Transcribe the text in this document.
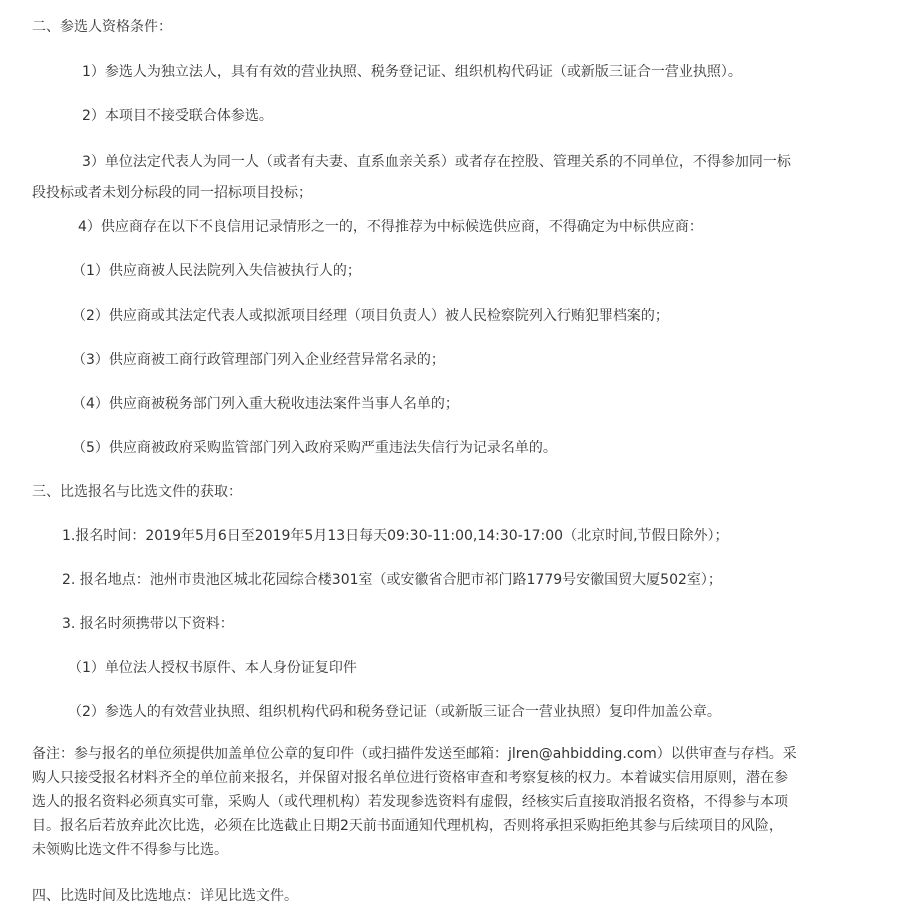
二、参选人资格条件：
1）参选人为独立法人，具有有效的营业执照、税务登记证、组织机构代码证（或新版三证合一营业执照）。
2）本项目不接受联合体参选。
3）单位法定代表人为同一人（或者有夫妻、直系血亲关系）或者存在控股、管理关系的不同单位，不得参加同一标
段投标或者未划分标段的同一招标项目投标；
4）供应商存在以下不良信用记录情形之一的，不得推荐为中标候选供应商，不得确定为中标供应商：
（1）供应商被人民法院列入失信被执行人的；
（2）供应商或其法定代表人或拟派项目经理（项目负责人）被人民检察院列入行贿犯罪档案的；
（3）供应商被工商行政管理部门列入企业经营异常名录的；
（4）供应商被税务部门列入重大税收违法案件当事人名单的；
（5）供应商被政府采购监管部门列入政府采购严重违法失信行为记录名单的。
三、比选报名与比选文件的获取：
1.报名时间：2019年5月6日至2019年5月13日每天09:30-11:00,14:30-17:00（北京时间,节假日除外）；
2. 报名地点：池州市贵池区城北花园综合楼301室（或安徽省合肥市祁门路1779号安徽国贸大厦502室）；
3. 报名时须携带以下资料：
（1）单位法人授权书原件、本人身份证复印件
（2）参选人的有效营业执照、组织机构代码和税务登记证（或新版三证合一营业执照）复印件加盖公章。
备注：参与报名的单位须提供加盖单位公章的复印件（或扫描件发送至邮箱：jlren@ahbidding.com）以供审查与存档。采
购人只接受报名材料齐全的单位前来报名，并保留对报名单位进行资格审查和考察复核的权力。本着诚实信用原则，潜在参
选人的报名资料必须真实可靠，采购人（或代理机构）若发现参选资料有虚假，经核实后直接取消报名资格，不得参与本项
目。报名后若放弃此次比选，必须在比选截止日期2天前书面通知代理机构，否则将承担采购拒绝其参与后续项目的风险，
未领购比选文件不得参与比选。
四、比选时间及比选地点：详见比选文件。
